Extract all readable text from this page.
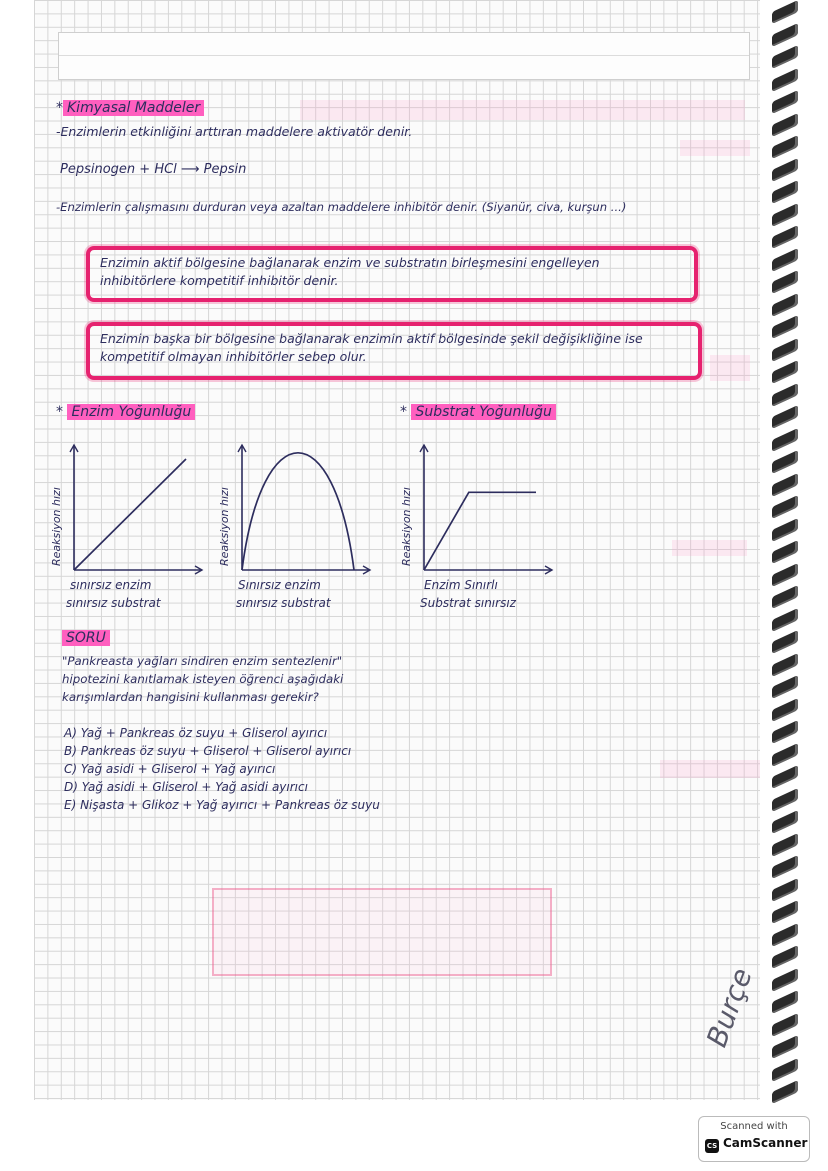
* Kimyasal Maddeler
-Enzimlerin etkinliğini arttıran maddelere aktivatör denir.
Pepsinogen + HCl ⟶ Pepsin
-Enzimlerin çalışmasını durduran veya azaltan maddelere inhibitör denir. (Siyanür, civa, kurşun ...)
Enzimin aktif bölgesine bağlanarak enzim ve substratın birleşmesini engelleyen
inhibitörlere kompetitif inhibitör denir.
Enzimin başka bir bölgesine bağlanarak enzimin aktif bölgesinde şekil değişikliğine ise
kompetitif olmayan inhibitörler sebep olur.
* Enzim Yoğunluğu	* Substrat Yoğunluğu
Reaksiyon hızı	Reaksiyon hızı	Reaksiyon hızı
sınırsız enzim
sınırsız substrat
Sınırsız enzim
sınırsız substrat
Enzim Sınırlı
Substrat sınırsız
SORU
"Pankreasta yağları sindiren enzim sentezlenir"
hipotezini kanıtlamak isteyen öğrenci aşağıdaki
karışımlardan hangisini kullanması gerekir?
A) Yağ + Pankreas öz suyu + Gliserol ayırıcı
B) Pankreas öz suyu + Gliserol + Gliserol ayırıcı
C) Yağ asidi + Gliserol + Yağ ayırıcı
D) Yağ asidi + Gliserol + Yağ asidi ayırıcı
E) Nişasta + Glikoz + Yağ ayırıcı + Pankreas öz suyu
Burçe
Scanned with
CS CamScanner
